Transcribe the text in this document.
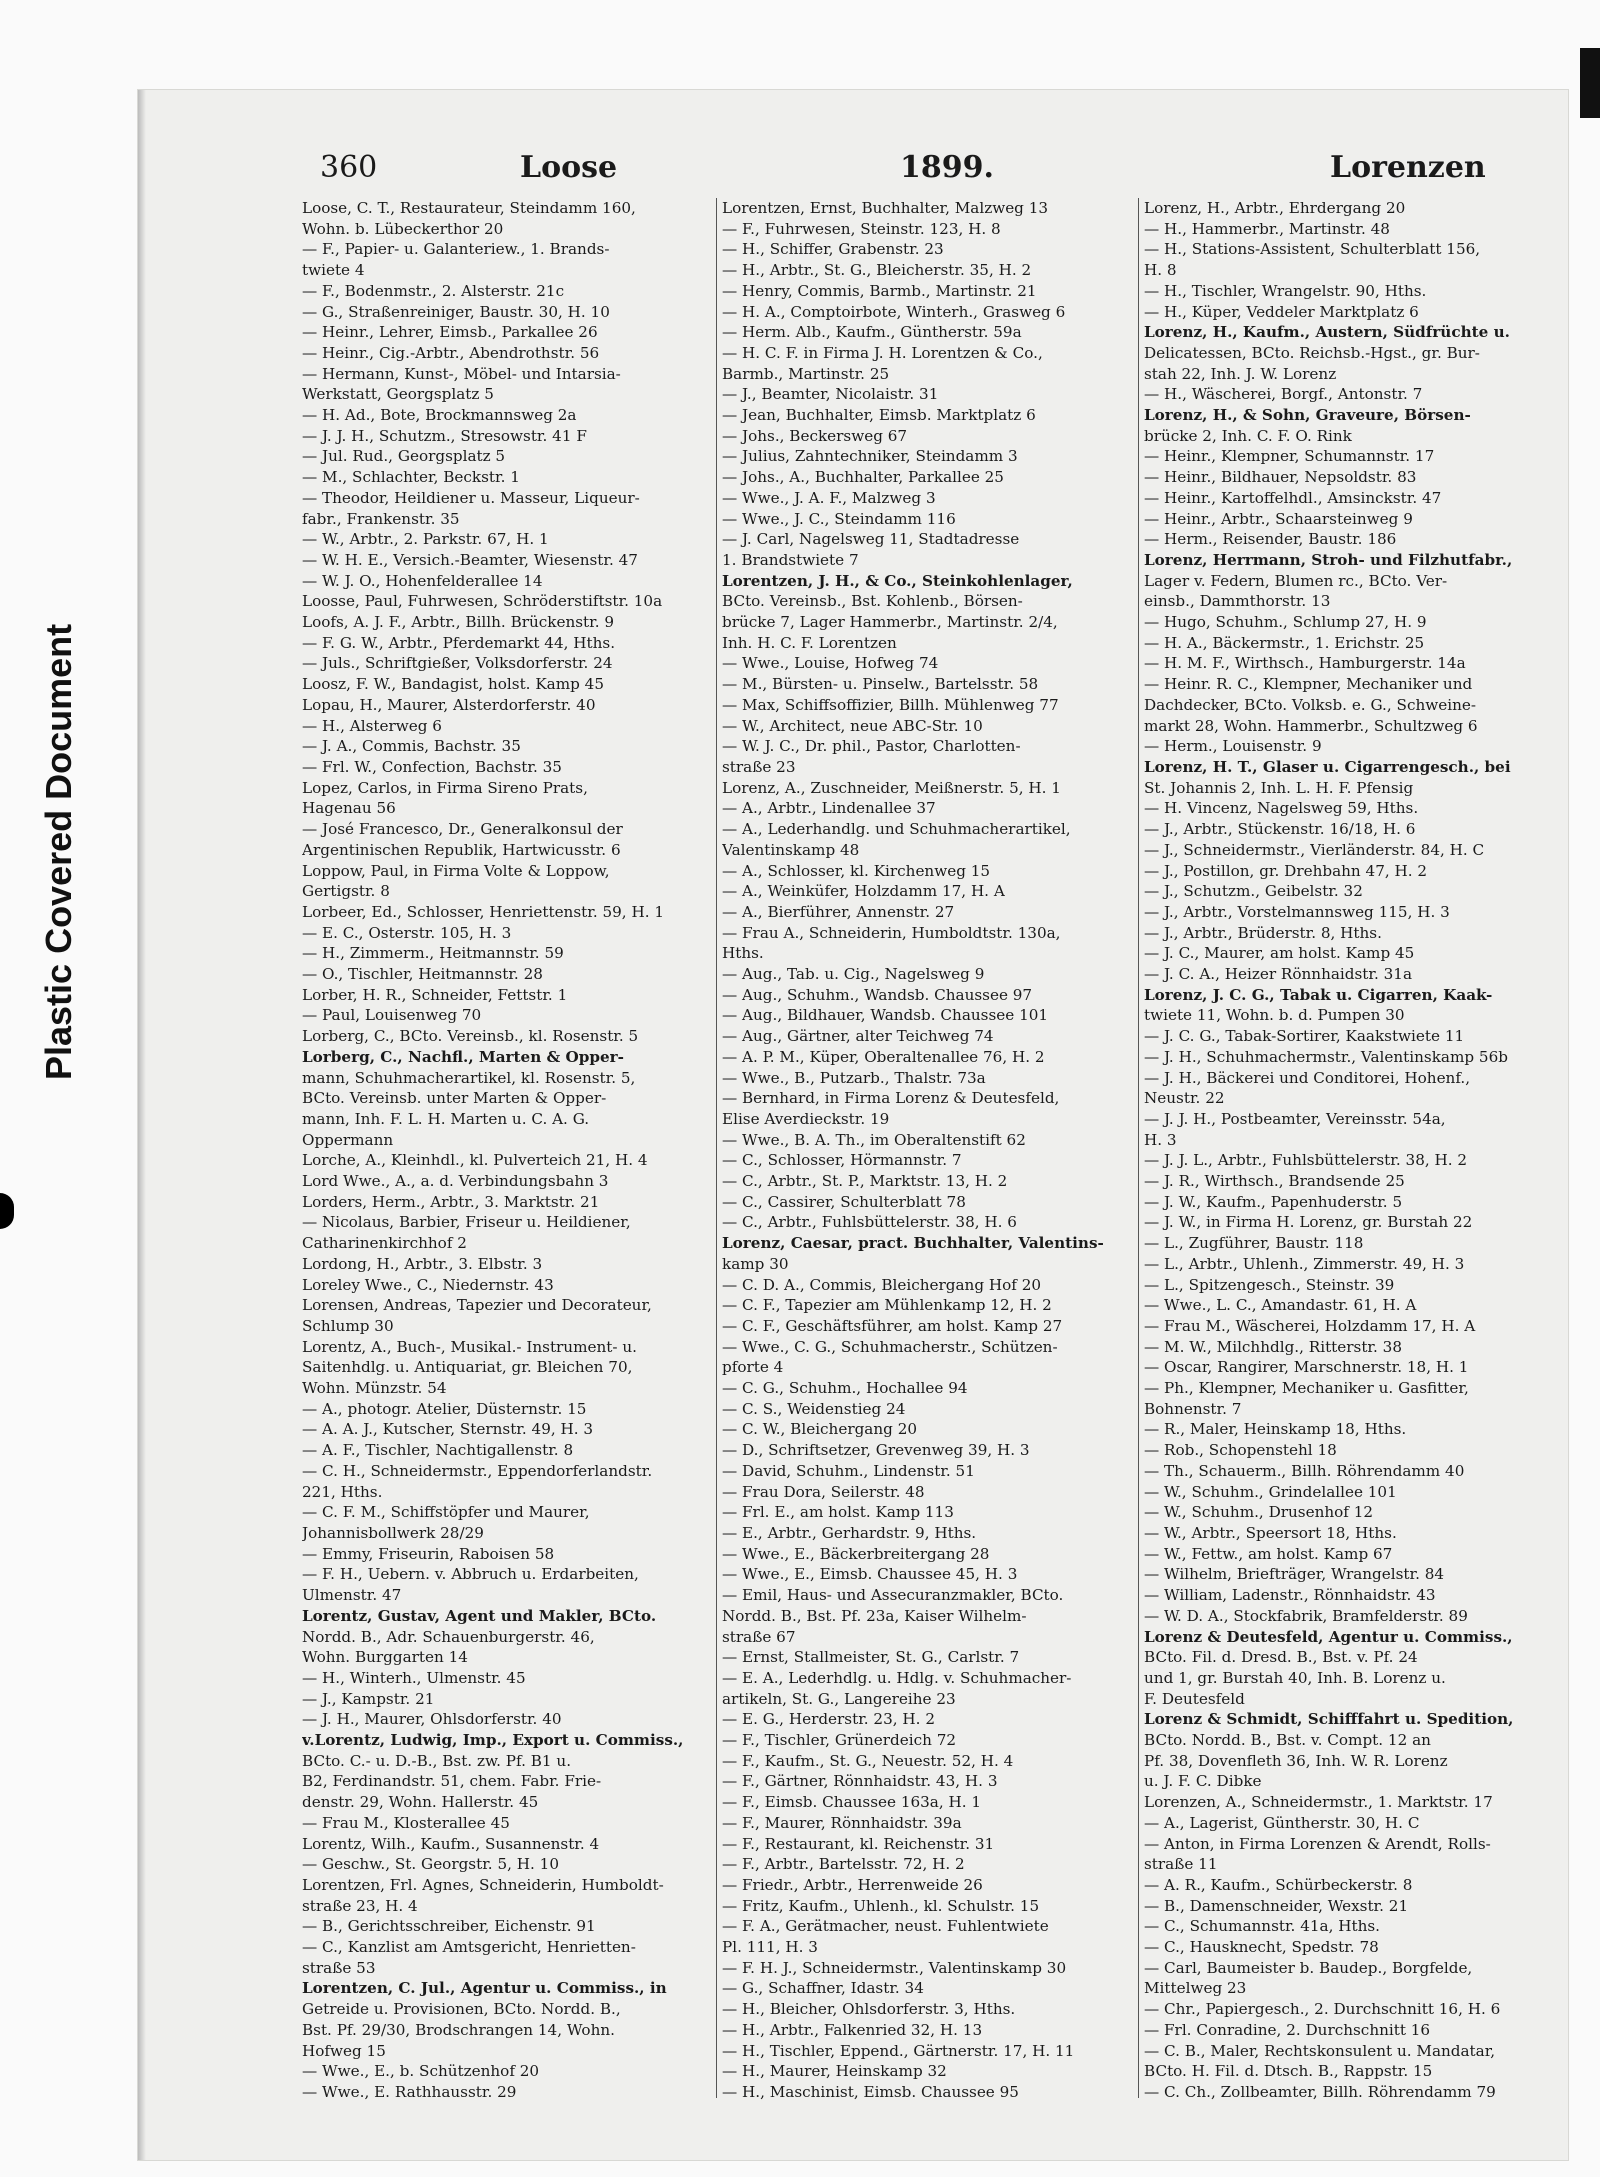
Plastic Covered Document
360	Loose	1899.	Lorenzen

Loose, C. T., Restaurateur, Steindamm 160,

Wohn. b. Lübeckerthor 20

— F., Papier- u. Galanteriew., 1. Brands-

twiete 4

— F., Bodenmstr., 2. Alsterstr. 21c

— G., Straßenreiniger, Baustr. 30, H. 10

— Heinr., Lehrer, Eimsb., Parkallee 26

— Heinr., Cig.-Arbtr., Abendrothstr. 56

— Hermann, Kunst-, Möbel- und Intarsia-

Werkstatt, Georgsplatz 5

— H. Ad., Bote, Brockmannsweg 2a

— J. J. H., Schutzm., Stresowstr. 41 F

— Jul. Rud., Georgsplatz 5

— M., Schlachter, Beckstr. 1

— Theodor, Heildiener u. Masseur, Liqueur-

fabr., Frankenstr. 35

— W., Arbtr., 2. Parkstr. 67, H. 1

— W. H. E., Versich.-Beamter, Wiesenstr. 47

— W. J. O., Hohenfelderallee 14

Loosse, Paul, Fuhrwesen, Schröderstiftstr. 10a

Loofs, A. J. F., Arbtr., Billh. Brückenstr. 9

— F. G. W., Arbtr., Pferdemarkt 44, Hths.

— Juls., Schriftgießer, Volksdorferstr. 24

Loosz, F. W., Bandagist, holst. Kamp 45

Lopau, H., Maurer, Alsterdorferstr. 40

— H., Alsterweg 6

— J. A., Commis, Bachstr. 35

— Frl. W., Confection, Bachstr. 35

Lopez, Carlos, in Firma Sireno Prats,

Hagenau 56

— José Francesco, Dr., Generalkonsul der

Argentinischen Republik, Hartwicusstr. 6

Loppow, Paul, in Firma Volte & Loppow,

Gertigstr. 8

Lorbeer, Ed., Schlosser, Henriettenstr. 59, H. 1

— E. C., Osterstr. 105, H. 3

— H., Zimmerm., Heitmannstr. 59

— O., Tischler, Heitmannstr. 28

Lorber, H. R., Schneider, Fettstr. 1

— Paul, Louisenweg 70

Lorberg, C., BCto. Vereinsb., kl. Rosenstr. 5

Lorberg, C., Nachfl., Marten & Opper-

mann, Schuhmacherartikel, kl. Rosenstr. 5,

BCto. Vereinsb. unter Marten & Opper-

mann, Inh. F. L. H. Marten u. C. A. G.

Oppermann

Lorche, A., Kleinhdl., kl. Pulverteich 21, H. 4

Lord Wwe., A., a. d. Verbindungsbahn 3

Lorders, Herm., Arbtr., 3. Marktstr. 21

— Nicolaus, Barbier, Friseur u. Heildiener,

Catharinenkirchhof 2

Lordong, H., Arbtr., 3. Elbstr. 3

Loreley Wwe., C., Niedernstr. 43

Lorensen, Andreas, Tapezier und Decorateur,

Schlump 30

Lorentz, A., Buch-, Musikal.- Instrument- u.

Saitenhdlg. u. Antiquariat, gr. Bleichen 70,

Wohn. Münzstr. 54

— A., photogr. Atelier, Düsternstr. 15

— A. A. J., Kutscher, Sternstr. 49, H. 3

— A. F., Tischler, Nachtigallenstr. 8

— C. H., Schneidermstr., Eppendorferlandstr.

221, Hths.

— C. F. M., Schiffstöpfer und Maurer,

Johannisbollwerk 28/29

— Emmy, Friseurin, Raboisen 58

— F. H., Uebern. v. Abbruch u. Erdarbeiten,

Ulmenstr. 47

Lorentz, Gustav, Agent und Makler, BCto.

Nordd. B., Adr. Schauenburgerstr. 46,

Wohn. Burggarten 14

— H., Winterh., Ulmenstr. 45

— J., Kampstr. 21

— J. H., Maurer, Ohlsdorferstr. 40

v.Lorentz, Ludwig, Imp., Export u. Commiss.,

BCto. C.- u. D.-B., Bst. zw. Pf. B1 u.

B2, Ferdinandstr. 51, chem. Fabr. Frie-

denstr. 29, Wohn. Hallerstr. 45

— Frau M., Klosterallee 45

Lorentz, Wilh., Kaufm., Susannenstr. 4

— Geschw., St. Georgstr. 5, H. 10

Lorentzen, Frl. Agnes, Schneiderin, Humboldt-

straße 23, H. 4

— B., Gerichtsschreiber, Eichenstr. 91

— C., Kanzlist am Amtsgericht, Henrietten-

straße 53

Lorentzen, C. Jul., Agentur u. Commiss., in

Getreide u. Provisionen, BCto. Nordd. B.,

Bst. Pf. 29/30, Brodschrangen 14, Wohn.

Hofweg 15

— Wwe., E., b. Schützenhof 20

— Wwe., E. Rathhausstr. 29

Lorentzen, Ernst, Buchhalter, Malzweg 13

— F., Fuhrwesen, Steinstr. 123, H. 8

— H., Schiffer, Grabenstr. 23

— H., Arbtr., St. G., Bleicherstr. 35, H. 2

— Henry, Commis, Barmb., Martinstr. 21

— H. A., Comptoirbote, Winterh., Grasweg 6

— Herm. Alb., Kaufm., Güntherstr. 59a

— H. C. F. in Firma J. H. Lorentzen & Co.,

Barmb., Martinstr. 25

— J., Beamter, Nicolaistr. 31

— Jean, Buchhalter, Eimsb. Marktplatz 6

— Johs., Beckersweg 67

— Julius, Zahntechniker, Steindamm 3

— Johs., A., Buchhalter, Parkallee 25

— Wwe., J. A. F., Malzweg 3

— Wwe., J. C., Steindamm 116

— J. Carl, Nagelsweg 11, Stadtadresse

1. Brandstwiete 7

Lorentzen, J. H., & Co., Steinkohlenlager,

BCto. Vereinsb., Bst. Kohlenb., Börsen-

brücke 7, Lager Hammerbr., Martinstr. 2/4,

Inh. H. C. F. Lorentzen

— Wwe., Louise, Hofweg 74

— M., Bürsten- u. Pinselw., Bartelsstr. 58

— Max, Schiffsoffizier, Billh. Mühlenweg 77

— W., Architect, neue ABC-Str. 10

— W. J. C., Dr. phil., Pastor, Charlotten-

straße 23

Lorenz, A., Zuschneider, Meißnerstr. 5, H. 1

— A., Arbtr., Lindenallee 37

— A., Lederhandlg. und Schuhmacherartikel,

Valentinskamp 48

— A., Schlosser, kl. Kirchenweg 15

— A., Weinküfer, Holzdamm 17, H. A

— A., Bierführer, Annenstr. 27

— Frau A., Schneiderin, Humboldtstr. 130a,

Hths.

— Aug., Tab. u. Cig., Nagelsweg 9

— Aug., Schuhm., Wandsb. Chaussee 97

— Aug., Bildhauer, Wandsb. Chaussee 101

— Aug., Gärtner, alter Teichweg 74

— A. P. M., Küper, Oberaltenallee 76, H. 2

— Wwe., B., Putzarb., Thalstr. 73a

— Bernhard, in Firma Lorenz & Deutesfeld,

Elise Averdieckstr. 19

— Wwe., B. A. Th., im Oberaltenstift 62

— C., Schlosser, Hörmannstr. 7

— C., Arbtr., St. P., Marktstr. 13, H. 2

— C., Cassirer, Schulterblatt 78

— C., Arbtr., Fuhlsbüttelerstr. 38, H. 6

Lorenz, Caesar, pract. Buchhalter, Valentins-

kamp 30

— C. D. A., Commis, Bleichergang Hof 20

— C. F., Tapezier am Mühlenkamp 12, H. 2

— C. F., Geschäftsführer, am holst. Kamp 27

— Wwe., C. G., Schuhmacherstr., Schützen-

pforte 4

— C. G., Schuhm., Hochallee 94

— C. S., Weidenstieg 24

— C. W., Bleichergang 20

— D., Schriftsetzer, Grevenweg 39, H. 3

— David, Schuhm., Lindenstr. 51

— Frau Dora, Seilerstr. 48

— Frl. E., am holst. Kamp 113

— E., Arbtr., Gerhardstr. 9, Hths.

— Wwe., E., Bäckerbreitergang 28

— Wwe., E., Eimsb. Chaussee 45, H. 3

— Emil, Haus- und Assecuranzmakler, BCto.

Nordd. B., Bst. Pf. 23a, Kaiser Wilhelm-

straße 67

— Ernst, Stallmeister, St. G., Carlstr. 7

— E. A., Lederhdlg. u. Hdlg. v. Schuhmacher-

artikeln, St. G., Langereihe 23

— E. G., Herderstr. 23, H. 2

— F., Tischler, Grünerdeich 72

— F., Kaufm., St. G., Neuestr. 52, H. 4

— F., Gärtner, Rönnhaidstr. 43, H. 3

— F., Eimsb. Chaussee 163a, H. 1

— F., Maurer, Rönnhaidstr. 39a

— F., Restaurant, kl. Reichenstr. 31

— F., Arbtr., Bartelsstr. 72, H. 2

— Friedr., Arbtr., Herrenweide 26

— Fritz, Kaufm., Uhlenh., kl. Schulstr. 15

— F. A., Gerätmacher, neust. Fuhlentwiete

Pl. 111, H. 3

— F. H. J., Schneidermstr., Valentinskamp 30

— G., Schaffner, Idastr. 34

— H., Bleicher, Ohlsdorferstr. 3, Hths.

— H., Arbtr., Falkenried 32, H. 13

— H., Tischler, Eppend., Gärtnerstr. 17, H. 11

— H., Maurer, Heinskamp 32

— H., Maschinist, Eimsb. Chaussee 95

Lorenz, H., Arbtr., Ehrdergang 20

— H., Hammerbr., Martinstr. 48

— H., Stations-Assistent, Schulterblatt 156,

H. 8

— H., Tischler, Wrangelstr. 90, Hths.

— H., Küper, Veddeler Marktplatz 6

Lorenz, H., Kaufm., Austern, Südfrüchte u.

Delicatessen, BCto. Reichsb.-Hgst., gr. Bur-

stah 22, Inh. J. W. Lorenz

— H., Wäscherei, Borgf., Antonstr. 7

Lorenz, H., & Sohn, Graveure, Börsen-

brücke 2, Inh. C. F. O. Rink

— Heinr., Klempner, Schumannstr. 17

— Heinr., Bildhauer, Nepsoldstr. 83

— Heinr., Kartoffelhdl., Amsinckstr. 47

— Heinr., Arbtr., Schaarsteinweg 9

— Herm., Reisender, Baustr. 186

Lorenz, Herrmann, Stroh- und Filzhutfabr.,

Lager v. Federn, Blumen rc., BCto. Ver-

einsb., Dammthorstr. 13

— Hugo, Schuhm., Schlump 27, H. 9

— H. A., Bäckermstr., 1. Erichstr. 25

— H. M. F., Wirthsch., Hamburgerstr. 14a

— Heinr. R. C., Klempner, Mechaniker und

Dachdecker, BCto. Volksb. e. G., Schweine-

markt 28, Wohn. Hammerbr., Schultzweg 6

— Herm., Louisenstr. 9

Lorenz, H. T., Glaser u. Cigarrengesch., bei

St. Johannis 2, Inh. L. H. F. Pfensig

— H. Vincenz, Nagelsweg 59, Hths.

— J., Arbtr., Stückenstr. 16/18, H. 6

— J., Schneidermstr., Vierländerstr. 84, H. C

— J., Postillon, gr. Drehbahn 47, H. 2

— J., Schutzm., Geibelstr. 32

— J., Arbtr., Vorstelmannsweg 115, H. 3

— J., Arbtr., Brüderstr. 8, Hths.

— J. C., Maurer, am holst. Kamp 45

— J. C. A., Heizer Rönnhaidstr. 31a

Lorenz, J. C. G., Tabak u. Cigarren, Kaak-

twiete 11, Wohn. b. d. Pumpen 30

— J. C. G., Tabak-Sortirer, Kaakstwiete 11

— J. H., Schuhmachermstr., Valentinskamp 56b

— J. H., Bäckerei und Conditorei, Hohenf.,

Neustr. 22

— J. J. H., Postbeamter, Vereinsstr. 54a,

H. 3

— J. J. L., Arbtr., Fuhlsbüttelerstr. 38, H. 2

— J. R., Wirthsch., Brandsende 25

— J. W., Kaufm., Papenhuderstr. 5

— J. W., in Firma H. Lorenz, gr. Burstah 22

— L., Zugführer, Baustr. 118

— L., Arbtr., Uhlenh., Zimmerstr. 49, H. 3

— L., Spitzengesch., Steinstr. 39

— Wwe., L. C., Amandastr. 61, H. A

— Frau M., Wäscherei, Holzdamm 17, H. A

— M. W., Milchhdlg., Ritterstr. 38

— Oscar, Rangirer, Marschnerstr. 18, H. 1

— Ph., Klempner, Mechaniker u. Gasfitter,

Bohnenstr. 7

— R., Maler, Heinskamp 18, Hths.

— Rob., Schopenstehl 18

— Th., Schauerm., Billh. Röhrendamm 40

— W., Schuhm., Grindelallee 101

— W., Schuhm., Drusenhof 12

— W., Arbtr., Speersort 18, Hths.

— W., Fettw., am holst. Kamp 67

— Wilhelm, Briefträger, Wrangelstr. 84

— William, Ladenstr., Rönnhaidstr. 43

— W. D. A., Stockfabrik, Bramfelderstr. 89

Lorenz & Deutesfeld, Agentur u. Commiss.,

BCto. Fil. d. Dresd. B., Bst. v. Pf. 24

und 1, gr. Burstah 40, Inh. B. Lorenz u.

F. Deutesfeld

Lorenz & Schmidt, Schifffahrt u. Spedition,

BCto. Nordd. B., Bst. v. Compt. 12 an

Pf. 38, Dovenfleth 36, Inh. W. R. Lorenz

u. J. F. C. Dibke

Lorenzen, A., Schneidermstr., 1. Marktstr. 17

— A., Lagerist, Güntherstr. 30, H. C

— Anton, in Firma Lorenzen & Arendt, Rolls-

straße 11

— A. R., Kaufm., Schürbeckerstr. 8

— B., Damenschneider, Wexstr. 21

— C., Schumannstr. 41a, Hths.

— C., Hausknecht, Spedstr. 78

— Carl, Baumeister b. Baudep., Borgfelde,

Mittelweg 23

— Chr., Papiergesch., 2. Durchschnitt 16, H. 6

— Frl. Conradine, 2. Durchschnitt 16

— C. B., Maler, Rechtskonsulent u. Mandatar,

BCto. H. Fil. d. Dtsch. B., Rappstr. 15

— C. Ch., Zollbeamter, Billh. Röhrendamm 79
